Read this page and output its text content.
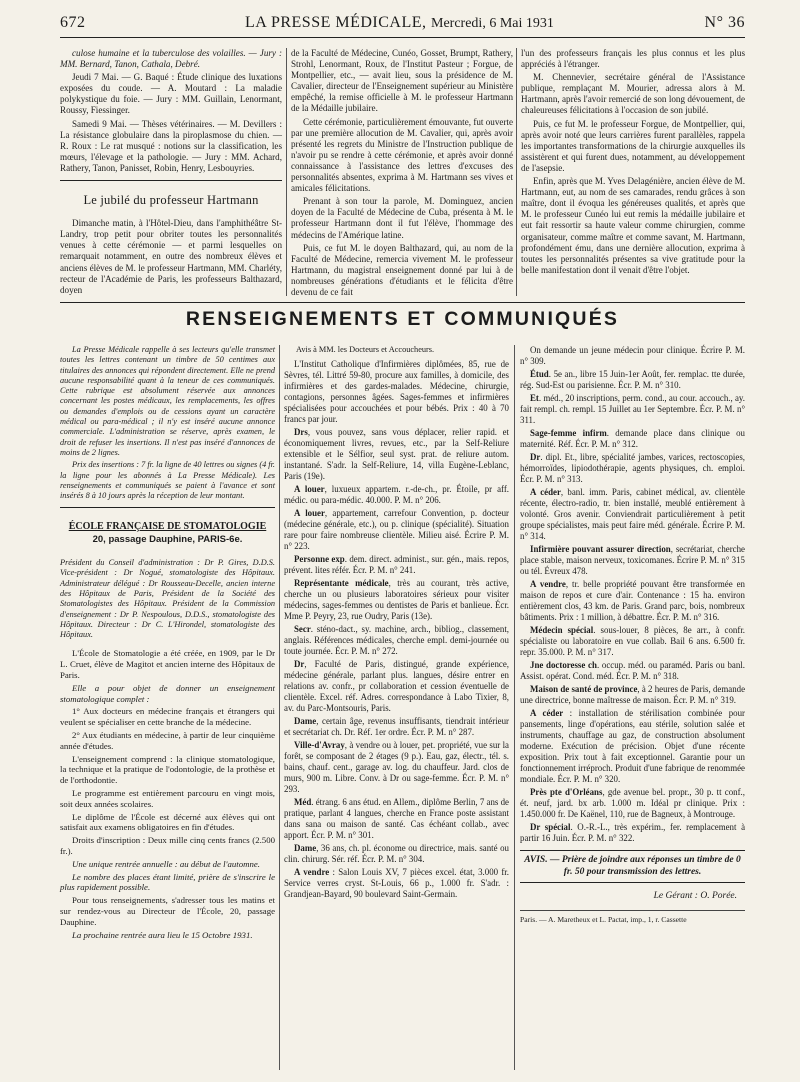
672	LA PRESSE MÉDICALE, Mercredi, 6 Mai 1931	N° 36

culose humaine et la tuberculose des volailles. — Jury : MM. Bernard, Tanon, Cathala, Debré.

Jeudi 7 Mai. — G. Baqué : Étude clinique des luxations exposées du coude. — A. Moutard : La maladie polykystique du foie. — Jury : MM. Guillain, Lenormant, Roussy, Fiessinger.

Samedi 9 Mai. — Thèses vétérinaires. — M. Devillers : La résistance globulaire dans la piroplasmose du chien. — R. Roux : Le rat musqué : notions sur la classification, les mœurs, l'élevage et la pathologie. — Jury : MM. Achard, Rathery, Tanon, Panisset, Robin, Henry, Lesbouyries.

Le jubilé du professeur Hartmann

Dimanche matin, à l'Hôtel-Dieu, dans l'amphithéâtre St-Landry, trop petit pour obriter toutes les personnalités venues à cette cérémonie — et parmi lesquelles on remarquait notamment, en outre des nombreux élèves et anciens élèves de M. le professeur Hartmann, MM. Charléty, recteur de l'Académie de Paris, les professeurs Balthazard, doyen

de la Faculté de Médecine, Cunéo, Gosset, Brumpt, Rathery, Strohl, Lenormant, Roux, de l'Institut Pasteur ; Forgue, de Montpellier, etc., — avait lieu, sous la présidence de M. Cavalier, directeur de l'Enseignement supérieur au Ministère empêché, la remise officielle à M. le professeur Hartmann de la Médaille jubilaire.

Cette cérémonie, particulièrement émouvante, fut ouverte par une première allocution de M. Cavalier, qui, après avoir présenté les regrets du Ministre de l'Instruction publique de n'avoir pu se rendre à cette cérémonie, et après avoir donné connaissance à l'assistance des lettres d'excuses des personnalités absentes, exprima à M. Hartmann ses vives et amicales félicitations.

Prenant à son tour la parole, M. Dominguez, ancien doyen de la Faculté de Médecine de Cuba, présenta à M. le professeur Hartmann dont il fut l'élève, l'hommage des médecins de l'Amérique latine.

Puis, ce fut M. le doyen Balthazard, qui, au nom de la Faculté de Médecine, remercia vivement M. le professeur Hartmann, du magistral enseignement donné par lui à de nombreuses générations d'étudiants et le félicita d'être devenu de ce fait

l'un des professeurs français les plus connus et les plus appréciés à l'étranger.

M. Chennevier, secrétaire général de l'Assistance publique, remplaçant M. Mourier, adressa alors à M. Hartmann, après l'avoir remercié de son long dévouement, de chaleureuses félicitations à l'occasion de son jubilé.

Puis, ce fut M. le professeur Forgue, de Montpellier, qui, après avoir noté que leurs carrières furent parallèles, rappela les importantes transformations de la chirurgie auxquelles ils assistèrent et qui furent dues, notamment, au développement de l'asepsie.

Enfin, après que M. Yves Delagénière, ancien élève de M. Hartmann, eut, au nom de ses camarades, rendu grâces à son maître, dont il évoqua les généreuses qualités, et après que M. le professeur Cunéo lui eut remis la médaille jubilaire et eut fait ressortir sa haute valeur comme chirurgien, comme organisateur, comme maître et comme savant, M. Hartmann, profondément ému, dans une dernière allocution, exprima à toutes les personnalités présentes sa vive gratitude pour la belle manifestation dont il venait d'être l'objet.

RENSEIGNEMENTS ET COMMUNIQUÉS

La Presse Médicale rappelle à ses lecteurs qu'elle transmet toutes les lettres contenant un timbre de 50 centimes aux titulaires des annonces qui répondent directement. Elle ne prend aucune responsabilité quant à la teneur de ces communiqués. Cette rubrique est absolument réservée aux annonces concernant les postes médicaux, les remplacements, les offres ou demandes d'emplois ou de cessions ayant un caractère médical ou para-médical ; il n'y est inséré aucune annonce commerciale. L'administration se réserve, après examen, le droit de refuser les insertions. Il n'est pas inséré d'annonces de moins de 2 lignes.

Prix des insertions : 7 fr. la ligne de 40 lettres ou signes (4 fr. la ligne pour les abonnés à La Presse Médicale). Les renseignements et communiqués se paient à l'avance et sont insérés 8 à 10 jours après la réception de leur montant.

ÉCOLE FRANÇAISE DE STOMATOLOGIE
20, passage Dauphine, PARIS-6e.

Président du Conseil d'administration : Dr P. Gires, D.D.S. Vice-président : Dr Nogué, stomatologiste des Hôpitaux. Administrateur délégué : Dr Rousseau-Decelle, ancien interne des Hôpitaux de Paris, Président de la Société des Stomatologistes des Hôpitaux. Président de la Commission d'enseignement : Dr P. Nespoulous, D.D.S., stomatologiste des Hôpitaux. Directeur : Dr C. L'Hirondel, stomatologiste des Hôpitaux.

L'École de Stomatologie a été créée, en 1909, par le Dr L. Cruet, élève de Magitot et ancien interne des Hôpitaux de Paris.

Elle a pour objet de donner un enseignement stomatologique complet :

1° Aux docteurs en médecine français et étrangers qui veulent se spécialiser en cette branche de la médecine.

2° Aux étudiants en médecine, à partir de leur cinquième année d'études.

L'enseignement comprend : la clinique stomatologique, la technique et la pratique de l'odontologie, de la prothèse et de l'orthodontie.

Le programme est entièrement parcouru en vingt mois, soit deux années scolaires.

Le diplôme de l'École est décerné aux élèves qui ont satisfait aux examens obligatoires en fin d'études.

Droits d'inscription : Deux mille cinq cents francs (2.500 fr.).

Une unique rentrée annuelle : au début de l'automne.

Le nombre des places étant limité, prière de s'inscrire le plus rapidement possible.

Pour tous renseignements, s'adresser tous les matins et sur rendez-vous au Directeur de l'École, 20, passage Dauphine.

La prochaine rentrée aura lieu le 15 Octobre 1931.

Avis à MM. les Docteurs et Accoucheurs.

L'Institut Catholique d'Infirmières diplômées, 85, rue de Sèvres, tél. Littré 59-80, procure aux familles, à domicile, des infirmières et des gardes-malades. Médecine, chirurgie, contagions, personnes âgées. Sages-femmes et infirmières spécialisées pour accouchées et pour bébés. Prix : 40 à 70 francs par jour.

Drs, vous pouvez, sans vous déplacer, relier rapid. et économiquement livres, revues, etc., par la Self-Reliure extensible et le Sélfior, seul syst. prat. de reliure autom. instantané. S'adr. la Self-Reliure, 14, villa Eugène-Leblanc, Paris (19e).

A louer, luxueux appartem. r.-de-ch., pr. Étoile, pr aff. médic. ou para-médic. 40.000. P. M. n° 206.

A louer, appartement, carrefour Convention, p. docteur (médecine générale, etc.), ou p. clinique (spécialité). Situation rare pour faire nombreuse clientèle. Milieu aisé. Écrire P. M. n° 223.

Personne exp. dem. direct. administ., sur. gén., mais. repos, prévent. lites référ. Écr. P. M. n° 241.

Représentante médicale, très au courant, très active, cherche un ou plusieurs laboratoires sérieux pour visiter médecins, sages-femmes ou dentistes de Paris et banlieue. Écr. Mme P. Peyry, 23, rue Oudry, Paris (13e).

Secr. sténo-dact., sy. machine, arch., bibliog., classement, anglais. Références médicales, cherche empl. demi-journée ou toute journée. Écr. P. M. n° 272.

Dr, Faculté de Paris, distingué, grande expérience, médecine générale, parlant plus. langues, désire entrer en relations av. confr., pr collaboration et cession éventuelle de clientèle. Excel. réf. Adres. correspondance à Labo Tixier, 8, av. du Parc-Montsouris, Paris.

Dame, certain âge, revenus insuffisants, tiendrait intérieur et secrétariat ch. Dr. Réf. 1er ordre. Écr. P. M. n° 287.

Ville-d'Avray, à vendre ou à louer, pet. propriété, vue sur la forêt, se composant de 2 étages (9 p.). Eau, gaz, électr., tél. s. bains, chauf. cent., garage av. log. du chauffeur. Jard. clos de murs, 900 m. Libre. Conv. à Dr ou sage-femme. Écr. P. M. n° 293.

Méd. étrang. 6 ans étud. en Allem., diplôme Berlin, 7 ans de pratique, parlant 4 langues, cherche en France poste assistant dans sana ou maison de santé. Cas échéant collab., avec apport. Écr. P. M. n° 301.

Dame, 36 ans, ch. pl. économe ou directrice, mais. santé ou clin. chirurg. Sér. réf. Écr. P. M. n° 304.

A vendre : Salon Louis XV, 7 pièces excel. état, 3.000 fr. Service verres cryst. St-Louis, 66 p., 1.000 fr. S'adr. : Grandjean-Bayard, 90 boulevard Saint-Germain.

On demande un jeune médecin pour clinique. Écrire P. M. n° 309.

Étud. 5e an., libre 15 Juin-1er Août, fer. remplac. tte durée, rég. Sud-Est ou parisienne. Écr. P. M. n° 310.

Et. méd., 20 inscriptions, perm. cond., au cour. accouch., ay. fait rempl. ch. rempl. 15 Juillet au 1er Septembre. Écr. P. M. n° 311.

Sage-femme infirm. demande place dans clinique ou maternité. Réf. Écr. P. M. n° 312.

Dr. dipl. Et., libre, spécialité jambes, varices, rectoscopies, hémorroïdes, lipiodothérapie, agents physiques, ch. emploi. Écr. P. M. n° 313.

A céder, banl. imm. Paris, cabinet médical, av. clientèle récente, électro-radio, tr. bien installé, meublé entièrement à volonté. Gros avenir. Conviendrait particulièrement à petit groupe spécialistes, mais peut faire méd. générale. Écrire P. M. n° 314.

Infirmière pouvant assurer direction, secrétariat, cherche place stable, maison nerveux, toxicomanes. Écrire P. M. n° 315 ou tél. Évreux 478.

A vendre, tr. belle propriété pouvant être transformée en maison de repos et cure d'air. Contenance : 15 ha. environ entièrement clos, 43 km. de Paris. Grand parc, bois, nombreux bâtiments. Prix : 1 million, à débattre. Écr. P. M. n° 316.

Médecin spécial. sous-louer, 8 pièces, 8e arr., à confr. spécialiste ou laboratoire en vue collab. Bail 6 ans. 6.500 fr. repr. 35.000. P. M. n° 317.

Jne doctoresse ch. occup. méd. ou paraméd. Paris ou banl. Assist. opérat. Cond. méd. Écr. P. M. n° 318.

Maison de santé de province, à 2 heures de Paris, demande une directrice, bonne maîtresse de maison. Écr. P. M. n° 319.

A céder : installation de stérilisation combinée pour pansements, linge d'opérations, eau stérile, solution salée et instruments, chauffage au gaz, de construction absolument moderne. Exécution de précision. Objet d'une récente exposition. Prix tout à fait exceptionnel. Garantie pour un fonctionnement irréproch. Produit d'une fabrique de renommée mondiale. Écr. P. M. n° 320.

Près pte d'Orléans, gde avenue bel. propr., 30 p. tt conf., ét. neuf, jard. bx arb. 1.000 m. Idéal pr clinique. Prix : 1.450.000 fr. De Kaënel, 110, rue de Bagneux, à Montrouge.

Dr spécial. O.-R.-L., très expérim., fer. remplacement à partir 16 Juin. Écr. P. M. n° 322.

AVIS. — Prière de joindre aux réponses un timbre de 0 fr. 50 pour transmission des lettres.
Le Gérant : O. Porée.
Paris. — A. Maretheux et L. Pactat, imp., 1, r. Cassette
